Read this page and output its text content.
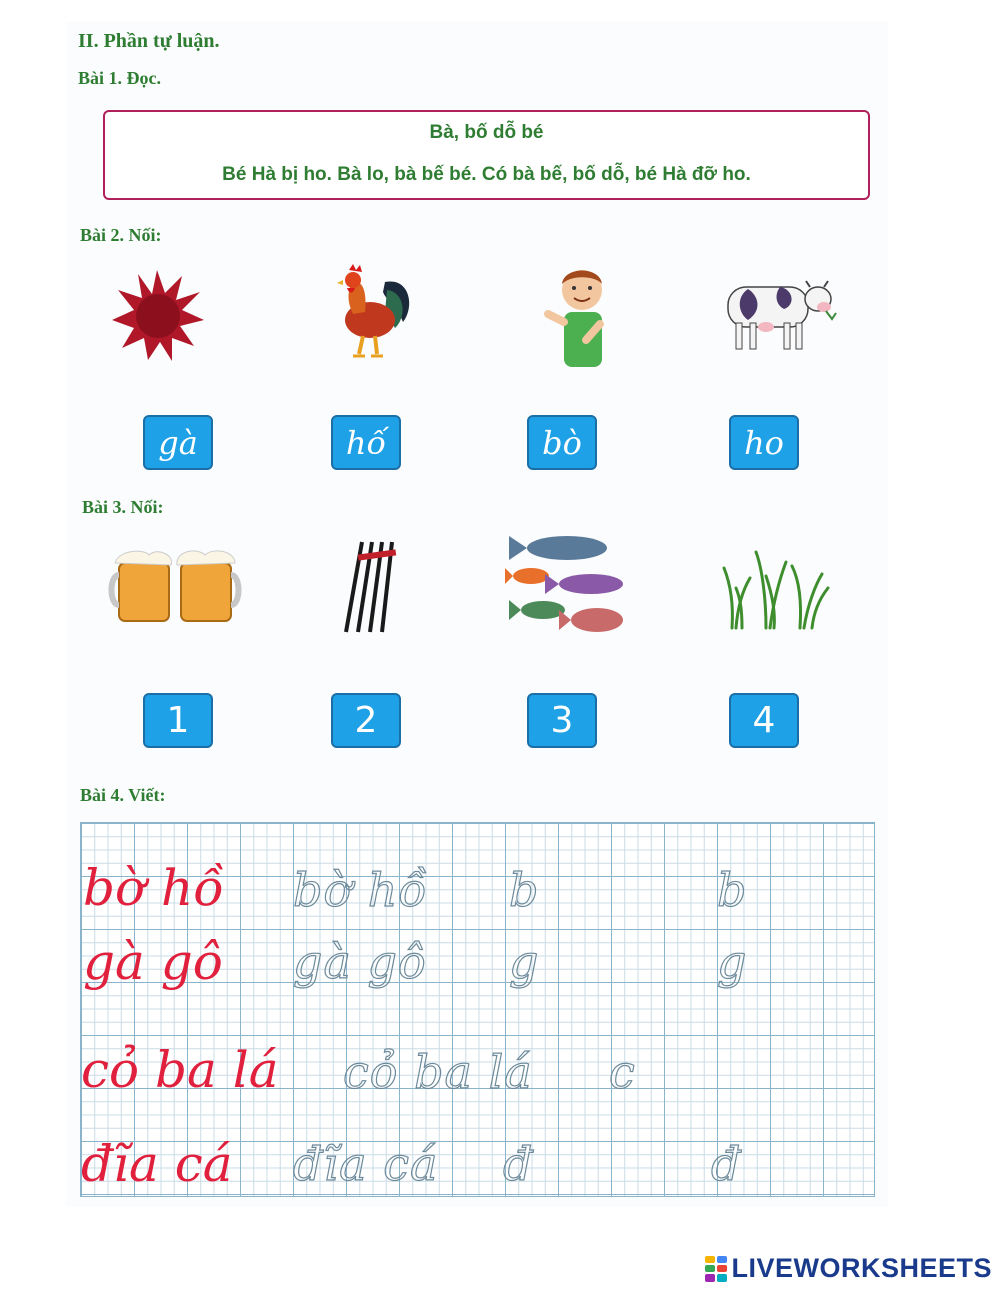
II. Phần tự luận.
Bài 1. Đọc.
Bà, bố dỗ bé
Bé Hà bị ho. Bà lo, bà bế bé. Có bà bế, bố dỗ, bé Hà đỡ ho.
Bài 2. Nối:
gà	hố	bò	ho
Bài 3. Nối:
1	2	3	4
Bài 4. Viết:
bờ hồ bờ hồ b	b
gà gô gà gô g	g
cỏ ba lá cỏ ba lá c
đĩa cá đĩa cá đ	đ
LIVEWORKSHEETS
